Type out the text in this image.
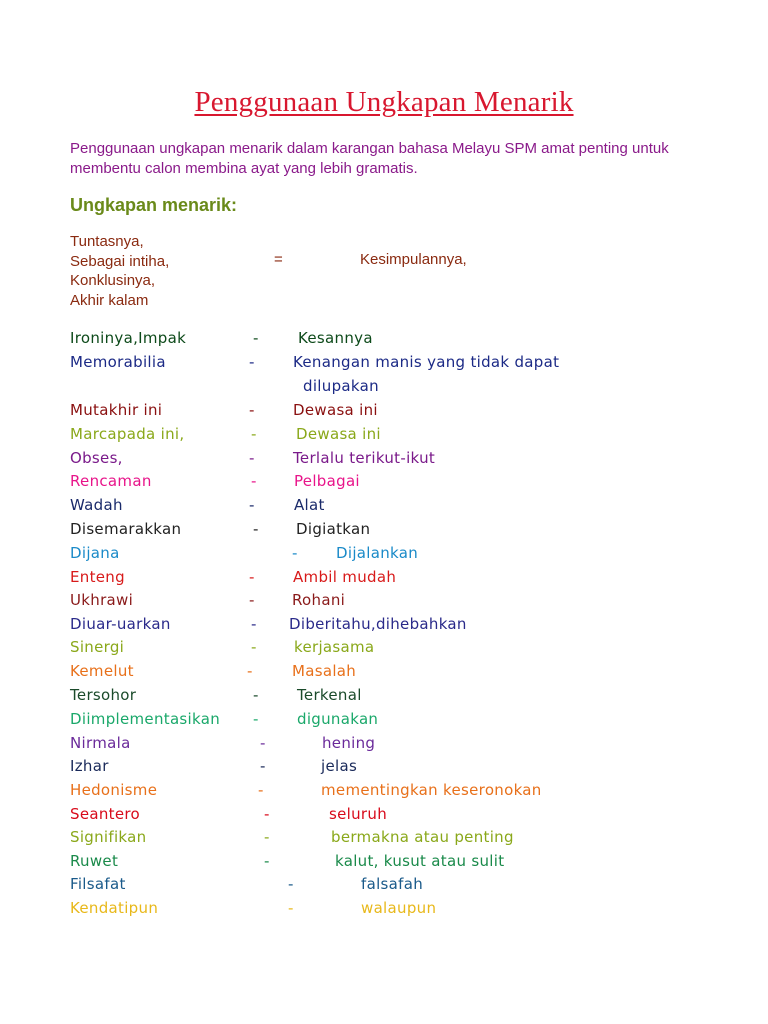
Penggunaan Ungkapan Menarik
Penggunaan ungkapan menarik dalam karangan bahasa Melayu SPM amat penting untuk membentu calon membina ayat yang lebih gramatis.
Ungkapan menarik:
Tuntasnya,
Sebagai intiha,
Konklusinya,
Akhir kalam
=	Kesimpulannya,
Ironinya,Impak	-	Kesannya
Memorabilia	-	Kenangan manis yang tidak dapat
dilupakan
Mutakhir ini	-	Dewasa ini
Marcapada ini,	-	Dewasa ini
Obses,	-	Terlalu terikut-ikut
Rencaman	- Pelbagai
Wadah	-	Alat
Disemarakkan	- Digiatkan
Dijana	-	Dijalankan
Enteng	-	Ambil mudah
Ukhrawi	- Rohani
Diuar-uarkan	- Diberitahu,dihebahkan
Sinergi	- kerjasama
Kemelut	-	Masalah
Tersohor	-	Terkenal
Diimplementasikan -	digunakan
Nirmala	-	hening
Izhar	-	jelas
Hedonisme	-	mementingkan keseronokan
Seantero	-	seluruh
Signifikan	-	bermakna atau penting
Ruwet	-	kalut, kusut atau sulit
Filsafat	-	falsafah
Kendatipun	-	walaupun
